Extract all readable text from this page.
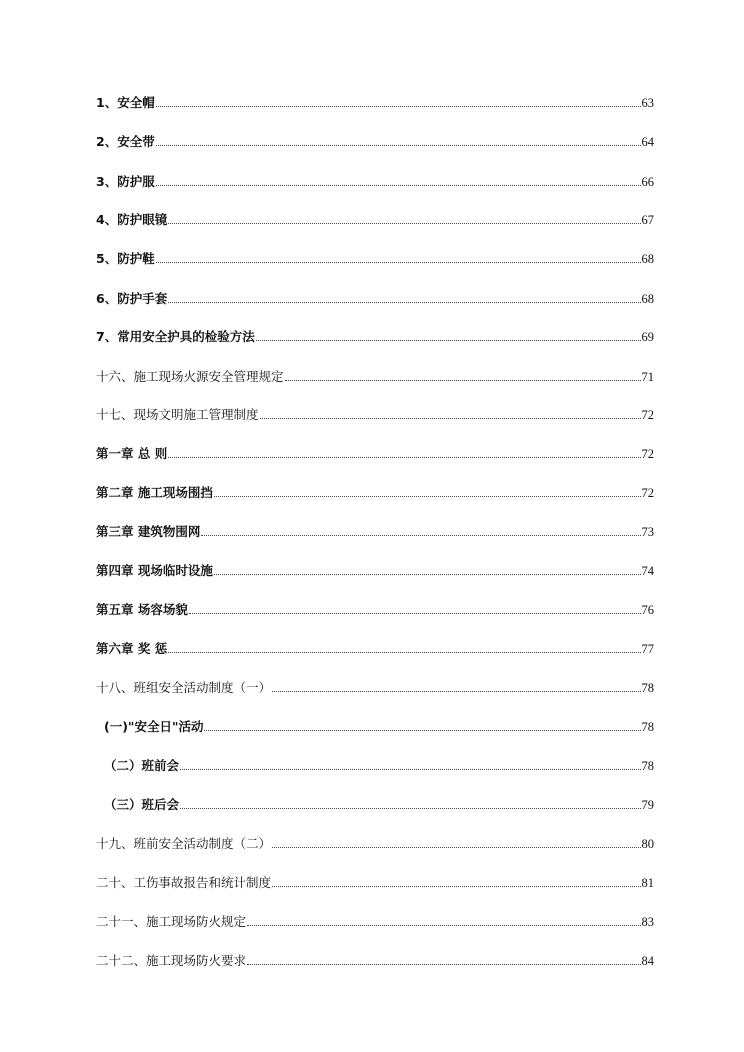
1、安全帽	63
2、安全带	64
3、防护服	66
4、防护眼镜	67
5、防护鞋	68
6、防护手套	68
7、常用安全护具的检验方法	69
十六、施工现场火源安全管理规定	71
十七、现场文明施工管理制度	72
第一章 总 则	72
第二章 施工现场围挡	72
第三章 建筑物围网	73
第四章 现场临时设施	74
第五章 场容场貌	76
第六章 奖 惩	77
十八、班组安全活动制度（一）	78
(一)"安全日"活动	78
（二）班前会	78
（三）班后会	79
十九、班前安全活动制度（二）	80
二十、工伤事故报告和统计制度	81
二十一、施工现场防火规定	83
二十二、施工现场防火要求	84
